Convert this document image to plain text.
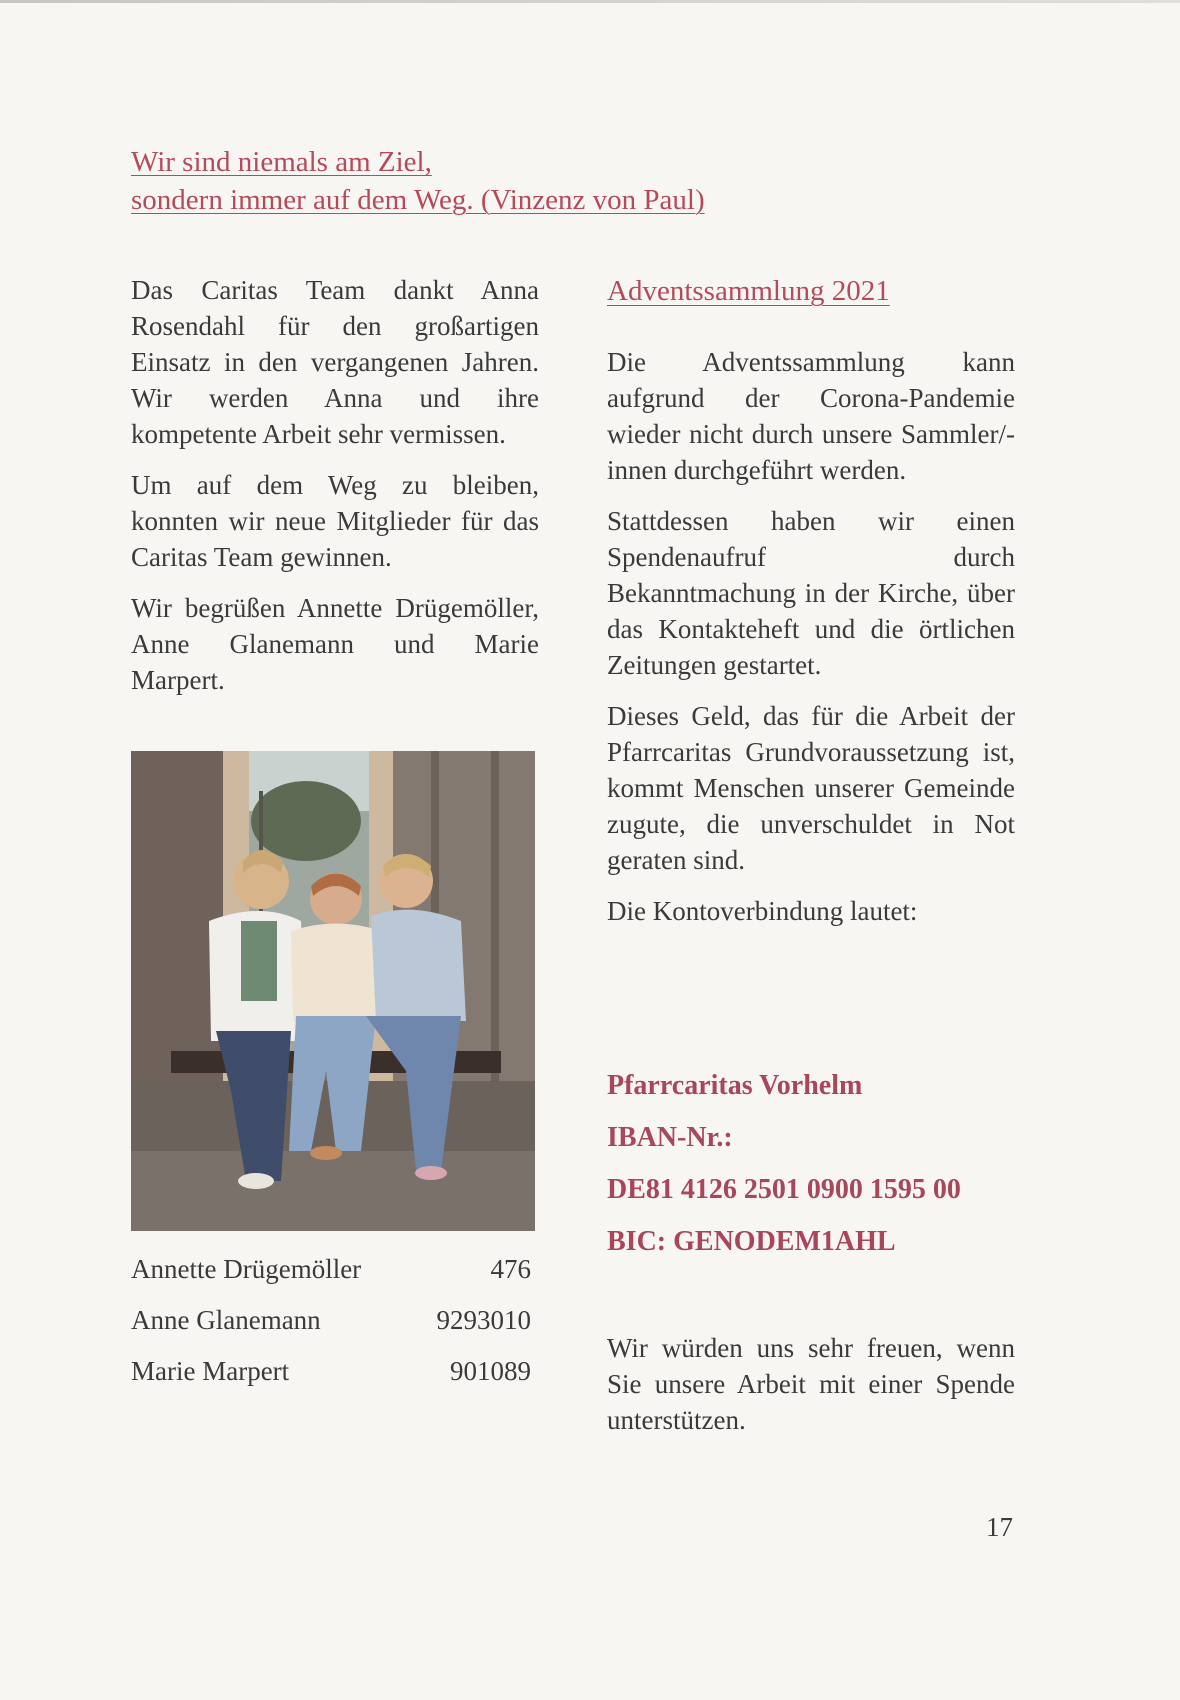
Wir sind niemals am Ziel,
sondern immer auf dem Weg. (Vinzenz von Paul)

Das Caritas Team dankt Anna Rosendahl für den großartigen Einsatz in den vergangenen Jahren. Wir werden Anna und ihre kompetente Arbeit sehr vermissen.

Um auf dem Weg zu bleiben, konnten wir neue Mitglieder für das Caritas Team gewinnen.

Wir begrüßen Annette Drügemöller, Anne Glanemann und Marie Marpert.

Annette Drügemöller	476
Anne Glanemann	9293010
Marie Marpert	901089
Adventssammlung 2021

Die Adventssammlung kann aufgrund der Corona-Pandemie wieder nicht durch unsere Sammler/-innen durchgeführt werden.

Stattdessen haben wir einen Spendenaufruf durch Bekanntmachung in der Kirche, über das Kontakteheft und die örtlichen Zeitungen gestartet.

Dieses Geld, das für die Arbeit der Pfarrcaritas Grundvoraussetzung ist, kommt Menschen unserer Gemeinde zugute, die unverschuldet in Not geraten sind.

Die Kontoverbindung lautet:

Pfarrcaritas Vorhelm
IBAN-Nr.:
DE81 4126 2501 0900 1595 00
BIC: GENODEM1AHL
Wir würden uns sehr freuen, wenn Sie unsere Arbeit mit einer Spende unterstützen.
17
